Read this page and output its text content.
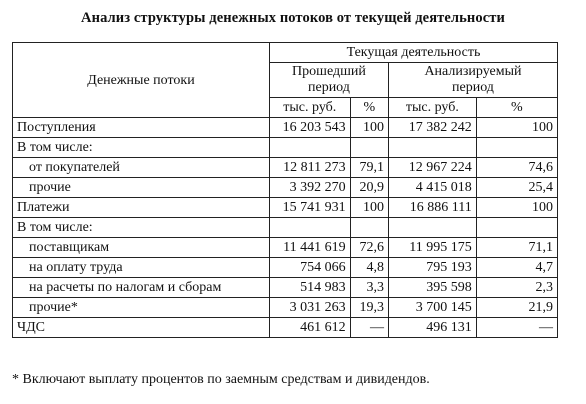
Анализ структуры денежных потоков от текущей деятельности
Денежные потоки	Текущая деятельность			

	Прошедший период		Анализируемый период	

	тыс. руб.	%	тыс. руб.	%
Поступления	16 203 543	100	17 382 242	100
В том числе:				
от покупателей	12 811 273	79,1	12 967 224	74,6
прочие	3 392 270	20,9	4 415 018	25,4
Платежи	15 741 931	100	16 886 111	100
В том числе:				
поставщикам	11 441 619	72,6	11 995 175	71,1
на оплату труда	754 066	4,8	795 193	4,7
на расчеты по налогам и сборам	514 983	3,3	395 598	2,3
прочие*	3 031 263	19,3	3 700 145	21,9
ЧДС	461 612	—	496 131	—
* Включают выплату процентов по заемным средствам и дивидендов.
